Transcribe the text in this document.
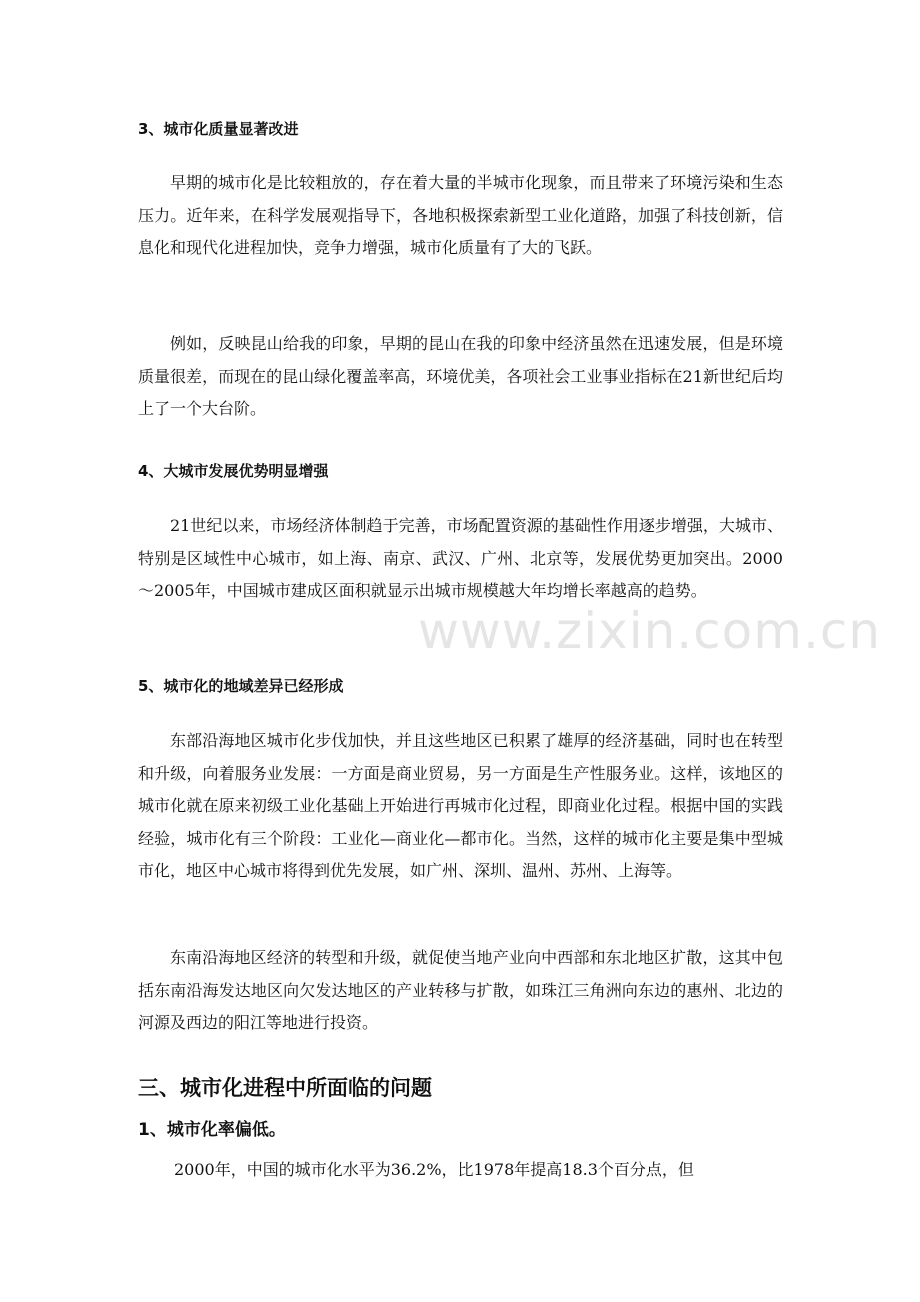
3、城市化质量显著改进

早期的城市化是比较粗放的，存在着大量的半城市化现象，而且带来了环境污染和生态压力。近年来，在科学发展观指导下，各地积极探索新型工业化道路，加强了科技创新，信息化和现代化进程加快，竞争力增强，城市化质量有了大的飞跃。

例如，反映昆山给我的印象，早期的昆山在我的印象中经济虽然在迅速发展，但是环境质量很差，而现在的昆山绿化覆盖率高，环境优美，各项社会工业事业指标在21新世纪后均上了一个大台阶。

4、大城市发展优势明显增强

21世纪以来，市场经济体制趋于完善，市场配置资源的基础性作用逐步增强，大城市、特别是区域性中心城市，如上海、南京、武汉、广州、北京等，发展优势更加突出。2000～2005年，中国城市建成区面积就显示出城市规模越大年均增长率越高的趋势。

5、城市化的地域差异已经形成

东部沿海地区城市化步伐加快，并且这些地区已积累了雄厚的经济基础，同时也在转型和升级，向着服务业发展：一方面是商业贸易，另一方面是生产性服务业。这样，该地区的城市化就在原来初级工业化基础上开始进行再城市化过程，即商业化过程。根据中国的实践经验，城市化有三个阶段：工业化—商业化—都市化。当然，这样的城市化主要是集中型城市化，地区中心城市将得到优先发展，如广州、深圳、温州、苏州、上海等。

东南沿海地区经济的转型和升级，就促使当地产业向中西部和东北地区扩散，这其中包括东南沿海发达地区向欠发达地区的产业转移与扩散，如珠江三角洲向东边的惠州、北边的河源及西边的阳江等地进行投资。

三、城市化进程中所面临的问题

1、城市化率偏低。

2000年，中国的城市化水平为36.2%，比1978年提高18.3个百分点，但

www.zixin.com.cn
